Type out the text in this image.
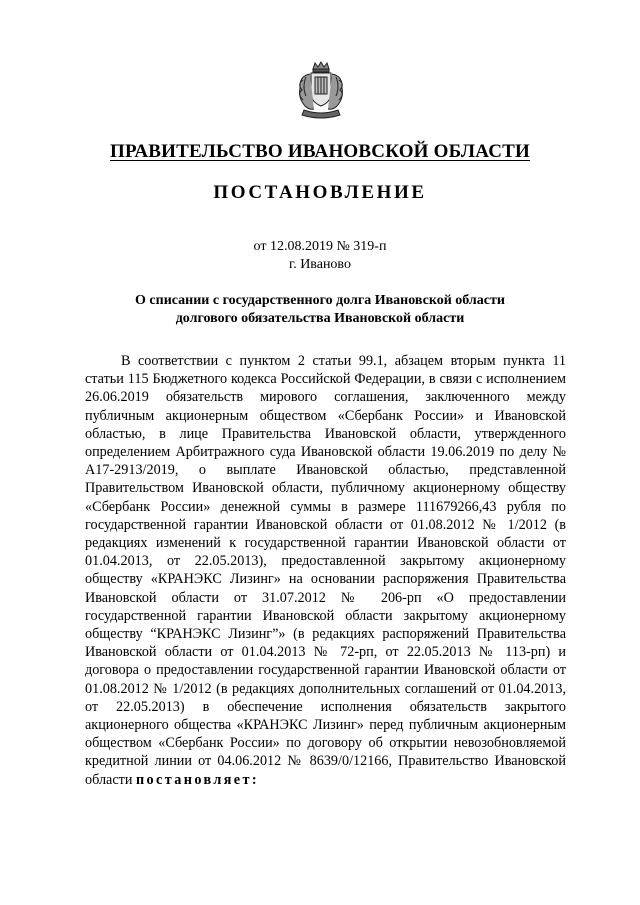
ПРАВИТЕЛЬСТВО ИВАНОВСКОЙ ОБЛАСТИ
ПОСТАНОВЛЕНИЕ
от 12.08.2019 № 319-п
г. Иваново
О списании с государственного долга Ивановской области
долгового обязательства Ивановской области

В соответствии с пунктом 2 статьи 99.1, абзацем вторым пункта 11 статьи 115 Бюджетного кодекса Российской Федерации, в связи с исполнением 26.06.2019 обязательств мирового соглашения, заключенного между публичным акционерным обществом «Сбербанк России» и Ивановской областью, в лице Правительства Ивановской области, утвержденного определением Арбитражного суда Ивановской области 19.06.2019 по делу № А17-2913/2019, о выплате Ивановской областью, представленной Правительством Ивановской области, публичному акционерному обществу «Сбербанк России» денежной суммы в размере 111679266,43 рубля по государственной гарантии Ивановской области от 01.08.2012 № 1/2012 (в редакциях изменений к государственной гарантии Ивановской области от 01.04.2013, от 22.05.2013), предоставленной закрытому акционерному обществу «КРАНЭКС Лизинг» на основании распоряжения Правительства Ивановской области от 31.07.2012 № 206-рп «О предоставлении государственной гарантии Ивановской области закрытому акционерному обществу “КРАНЭКС Лизинг”» (в редакциях распоряжений Правительства Ивановской области от 01.04.2013 № 72-рп, от 22.05.2013 № 113-рп) и договора о предоставлении государственной гарантии Ивановской области от 01.08.2012 № 1/2012 (в редакциях дополнительных соглашений от 01.04.2013, от 22.05.2013) в обеспечение исполнения обязательств закрытого акционерного общества «КРАНЭКС Лизинг» перед публичным акционерным обществом «Сбербанк России» по договору об открытии невозобновляемой кредитной линии от 04.06.2012 № 8639/0/12166, Правительство Ивановской области постановляет:
